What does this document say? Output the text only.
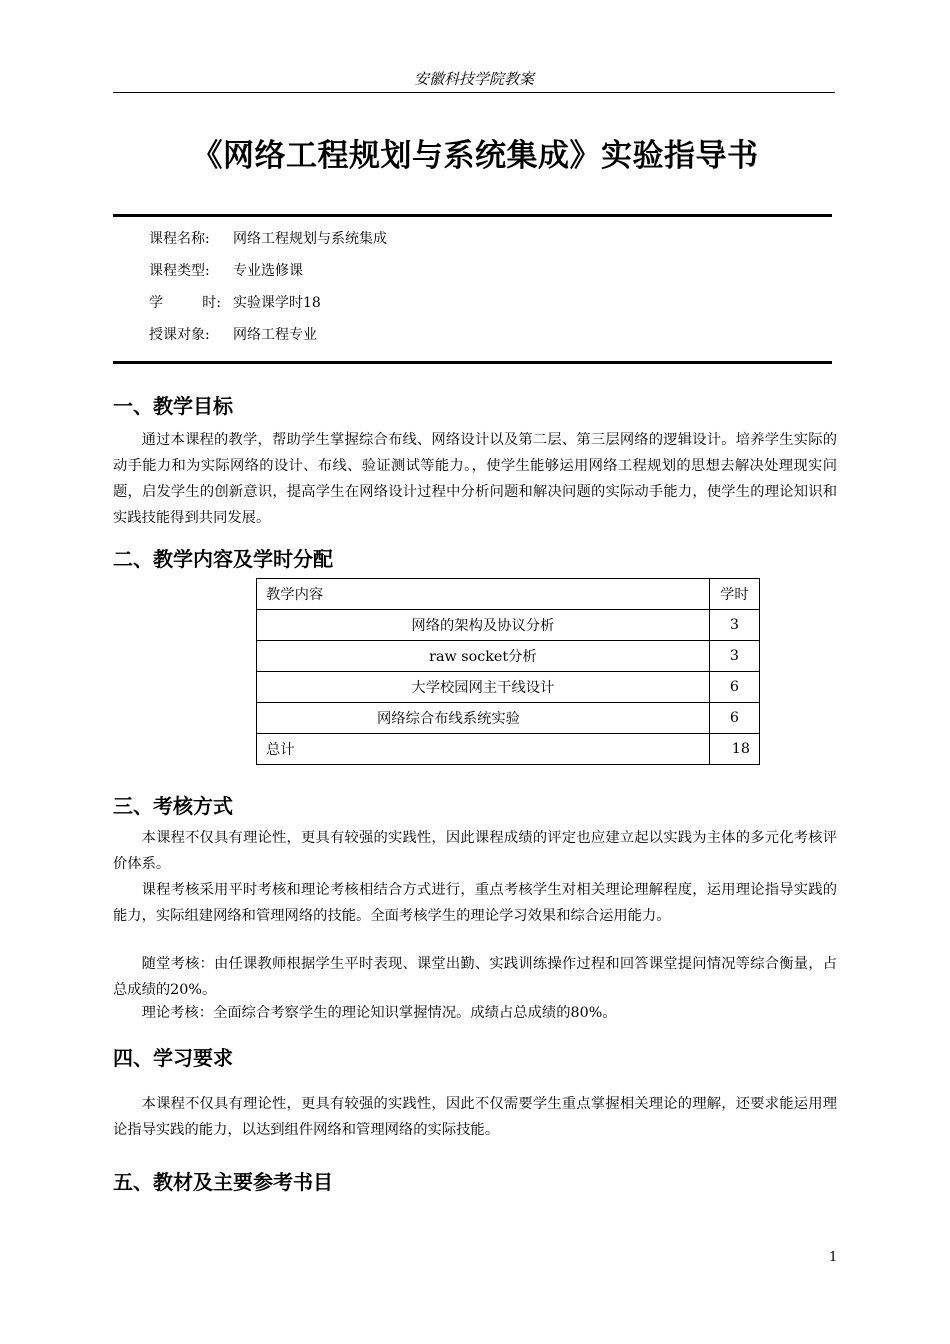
安徽科技学院教案
《网络工程规划与系统集成》实验指导书
课程名称:	网络工程规划与系统集成
课程类型:	专业选修课
学	时: 实验课学时18
授课对象:	网络工程专业
一、教学目标
通过本课程的教学，帮助学生掌握综合布线、网络设计以及第二层、第三层网络的逻辑设计。培养学生实际的动手能力和为实际网络的设计、布线、验证测试等能力。，使学生能够运用网络工程规划的思想去解决处理现实问题，启发学生的创新意识，提高学生在网络设计过程中分析问题和解决问题的实际动手能力，使学生的理论知识和实践技能得到共同发展。
二、教学内容及学时分配
教学内容	学时
网络的架构及协议分析	3
raw socket分析	3
大学校园网主干线设计	6
网络综合布线系统实验	6
总计	18
三、考核方式
本课程不仅具有理论性，更具有较强的实践性，因此课程成绩的评定也应建立起以实践为主体的多元化考核评价体系。
课程考核采用平时考核和理论考核相结合方式进行，重点考核学生对相关理论理解程度，运用理论指导实践的能力，实际组建网络和管理网络的技能。全面考核学生的理论学习效果和综合运用能力。
随堂考核：由任课教师根据学生平时表现、课堂出勤、实践训练操作过程和回答课堂提问情况等综合衡量，占总成绩的20%。
理论考核：全面综合考察学生的理论知识掌握情况。成绩占总成绩的80%。
四、学习要求
本课程不仅具有理论性，更具有较强的实践性，因此不仅需要学生重点掌握相关理论的理解，还要求能运用理论指导实践的能力，以达到组件网络和管理网络的实际技能。
五、教材及主要参考书目
1
